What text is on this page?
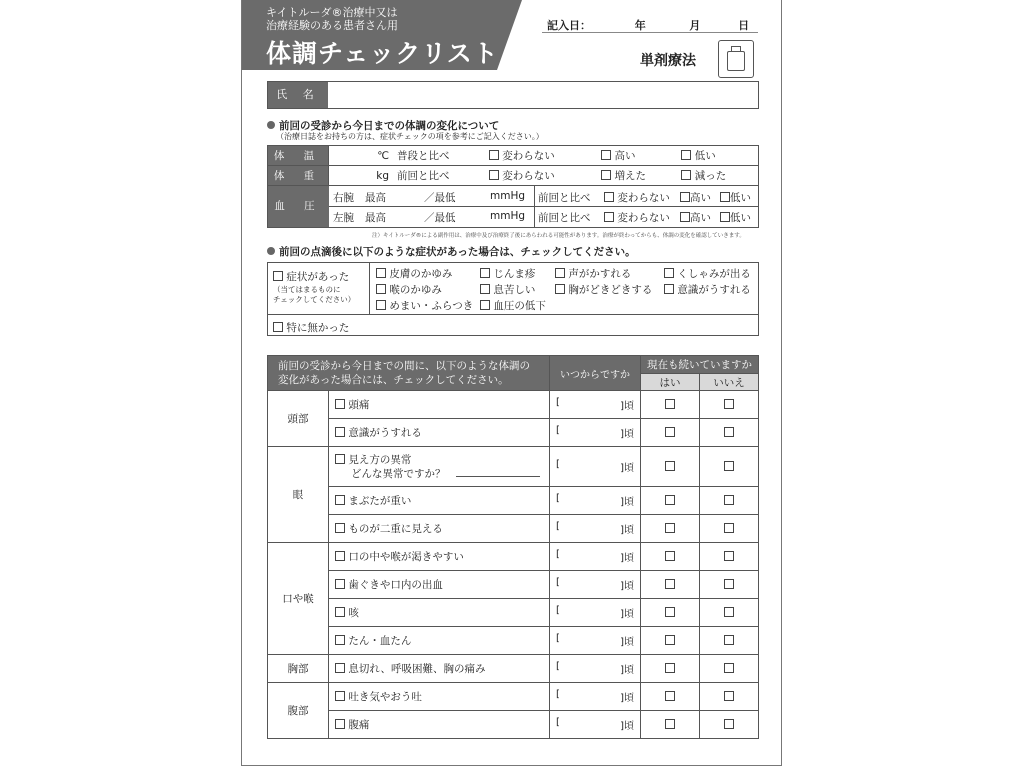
キイトルーダ®治療中又は
治療経験のある患者さん用
体調チェックリスト
記入日：	年	月	日
単剤療法
氏 名
前回の受診から今日までの体調の変化について
（治療日誌をお持ちの方は、症状チェックの項を参考にご記入ください。）
体 温	℃	普段と比べ	変わらない	高い	低い
体 重	kg	前回と比べ	変わらない	増えた	減った
血 圧
右腕 最高	／最低	mmHg 前回と比べ	変わらない	高い	低い
左腕 最高	／最低	mmHg 前回と比べ	変わらない	高い	低い
注）キイトルーダ®による副作用は、治療中及び治療終了後にあらわれる可能性があります。治療が終わってからも、体調の変化を確認していきます。
前回の点滴後に以下のような症状があった場合は、チェックしてください。
症状があった
（当てはまるものに
チェックしてください）
皮膚のかゆみ	じんま疹	声がかすれる	くしゃみが出る
喉のかゆみ	息苦しい	胸がどきどきする	意識がうすれる
めまい・ふらつき	血圧の低下
特に無かった
前回の受診から今日までの間に、以下のような体調の
変化があった場合には、チェックしてください。		いつからですか	現在も続いていますか	
			はい	いいえ
頭部	頭痛	[ ]頃		

	意識がうすれる	[ ]頃		

眼	見え方の異常
どんな異常ですか？	[ ]頃		

	まぶたが重い	[ ]頃		

	ものが二重に見える	[ ]頃		

口や喉	口の中や喉が渇きやすい	[ ]頃		

	歯ぐきや口内の出血	[ ]頃		

	咳	[ ]頃		

	たん・血たん	[ ]頃		

胸部	息切れ、呼吸困難、胸の痛み	[ ]頃		

腹部	吐き気やおう吐	[ ]頃		

	腹痛	[ ]頃		
